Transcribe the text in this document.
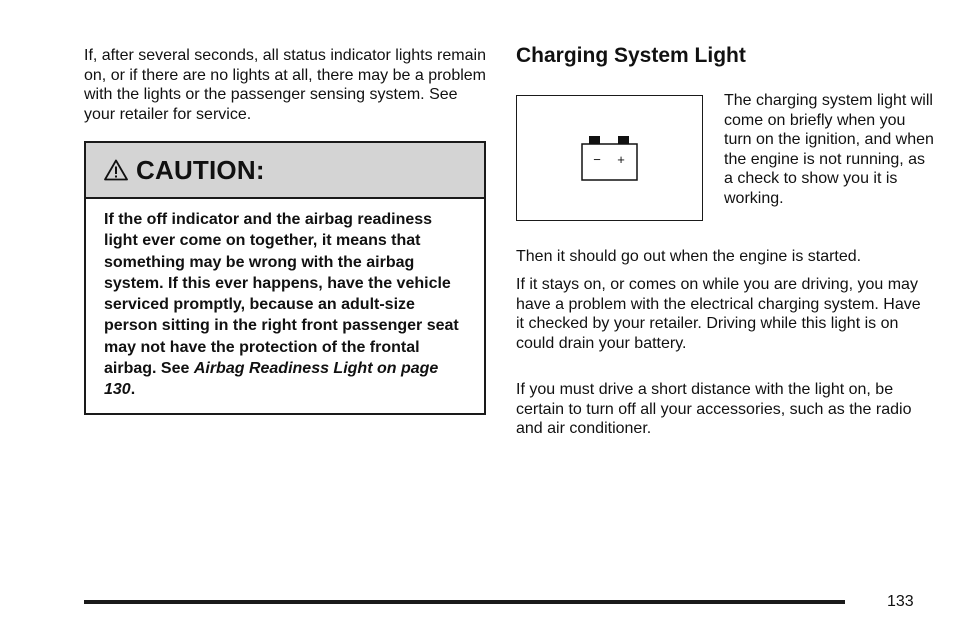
If, after several seconds, all status indicator lights remain on, or if there are no lights at all, there may be a problem with the lights or the passenger sensing system. See your retailer for service.

CAUTION:

If the off indicator and the airbag readiness light ever come on together, it means that something may be wrong with the airbag system. If this ever happens, have the vehicle serviced promptly, because an adult-size person sitting in the right front passenger seat may not have the protection of the frontal airbag. See Airbag Readiness Light on page 130.

Charging System Light
− +

The charging system light will come on briefly when you turn on the ignition, and when the engine is not running, as a check to show you it is working.

Then it should go out when the engine is started.

If it stays on, or comes on while you are driving, you may have a problem with the electrical charging system. Have it checked by your retailer. Driving while this light is on could drain your battery.

If you must drive a short distance with the light on, be certain to turn off all your accessories, such as the radio and air conditioner.

133
